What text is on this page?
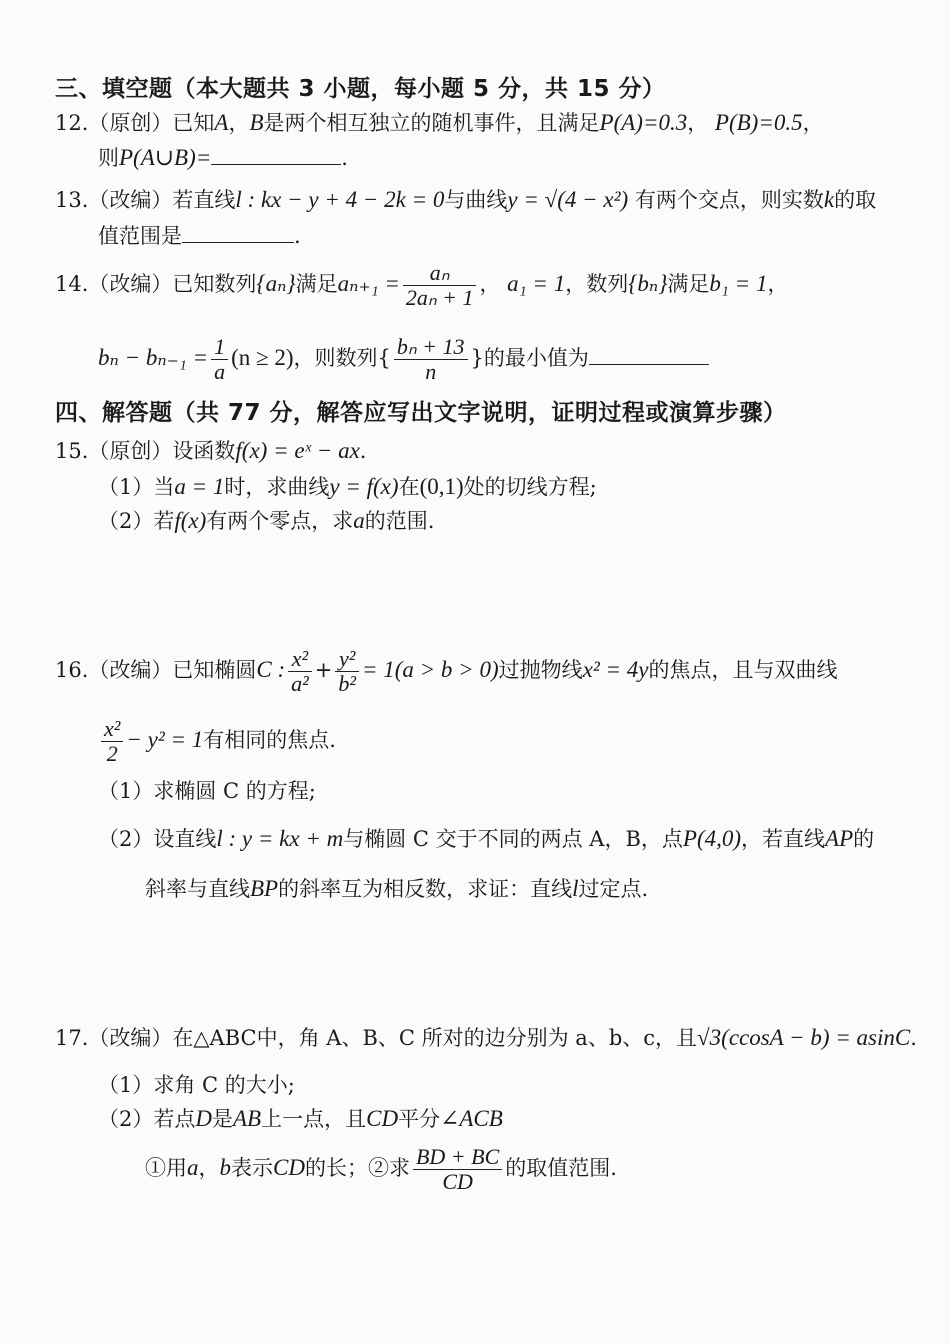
三、填空题（本大题共 3 小题，每小题 5 分，共 15 分）
12.（原创）已知A，B是两个相互独立的随机事件，且满足P(A)=0.3， P(B)=0.5，
则P(A∪B)=	.
13.（改编）若直线l : kx − y + 4 − 2k = 0与曲线y = √(4 − x²) 有两个交点，则实数k的取
值范围是	.
14.（改编）已知数列{aₙ}满足$a_{n+1} = \frac{\text{aₙ}}{\text{2aₙ + 1}}$ ， a₁ = 1，数列{bₙ}满足b₁ = 1，
$b_n - b_{n-1} = \frac{1}{a} (n \ge 2)$，则数列{ $\frac{\text{bₙ + 13}}{n}$ }的最小值为
四、解答题（共 77 分，解答应写出文字说明，证明过程或演算步骤）
15.（原创）设函数f(x) = eˣ − ax.
（1）当a = 1时，求曲线y = f(x)在(0,1)处的切线方程;
（2）若f(x)有两个零点，求a的范围.
16.（改编）已知椭圆C : $\frac{\text{x²}}{\text{a²}} + \frac{\text{y²}}{\text{b²}} = 1(a > b > 0)$过抛物线x² = 4y的焦点，且与双曲线
$\frac{\text{x²}}{2} - y^2 = 1$有相同的焦点.
（1）求椭圆 C 的方程;
（2）设直线l : y = kx + m与椭圆 C 交于不同的两点 A，B，点P(4,0)，若直线AP的
斜率与直线BP的斜率互为相反数，求证：直线l过定点.
17.（改编）在△ABC中，角 A、B、C 所对的边分别为 a、b、c，且√3(ccosA − b) = asinC.
（1）求角 C 的大小;
（2）若点D是AB上一点，且CD平分∠ACB
①用a，b表示CD的长；②求 $\frac{BD + BC}{CD}$ 的取值范围.
